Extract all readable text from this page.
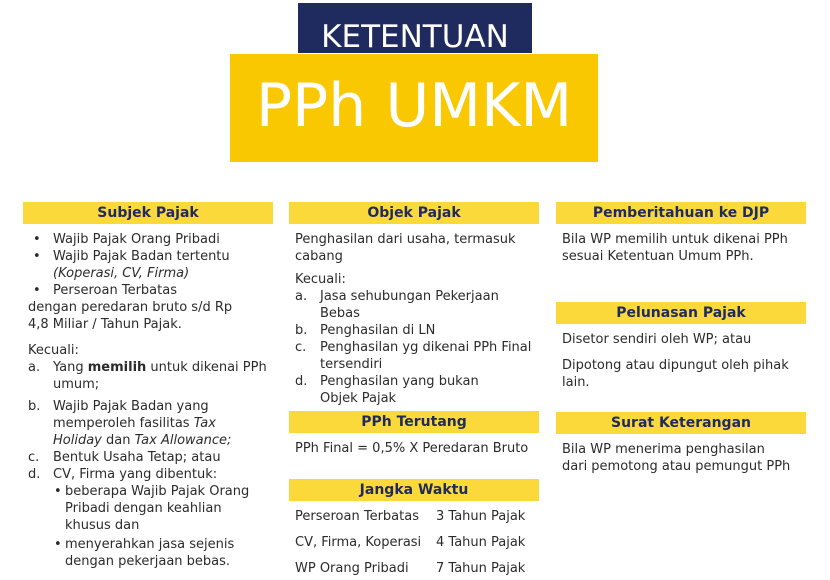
KETENTUAN
PPh UMKM
Subjek Pajak
• Wajib Pajak Orang Pribadi
• Wajib Pajak Badan tertentu
(Koperasi, CV, Firma)
• Perseroan Terbatas
dengan peredaran bruto s/d Rp 4,8 Miliar / Tahun Pajak.
Kecuali:
a. Yang memilih untuk dikenai PPh umum;
b. Wajib Pajak Badan yang memperoleh fasilitas Tax Holiday dan Tax Allowance;
c. Bentuk Usaha Tetap; atau
d. CV, Firma yang dibentuk:
• beberapa Wajib Pajak Orang Pribadi dengan keahlian khusus dan
• menyerahkan jasa sejenis dengan pekerjaan bebas.
Objek Pajak
Penghasilan dari usaha, termasuk cabang
Kecuali:
a. Jasa sehubungan Pekerjaan Bebas
b. Penghasilan di LN
c. Penghasilan yg dikenai PPh Final tersendiri
d. Penghasilan yang bukan Objek Pajak
PPh Terutang
PPh Final = 0,5% X Peredaran Bruto
Jangka Waktu
Perseroan Terbatas 3 Tahun Pajak
CV, Firma, Koperasi 4 Tahun Pajak
WP Orang Pribadi 7 Tahun Pajak
Pemberitahuan ke DJP
Bila WP memilih untuk dikenai PPh sesuai Ketentuan Umum PPh.
Pelunasan Pajak
Disetor sendiri oleh WP; atau
Dipotong atau dipungut oleh pihak lain.
Surat Keterangan
Bila WP menerima penghasilan dari pemotong atau pemungut PPh
